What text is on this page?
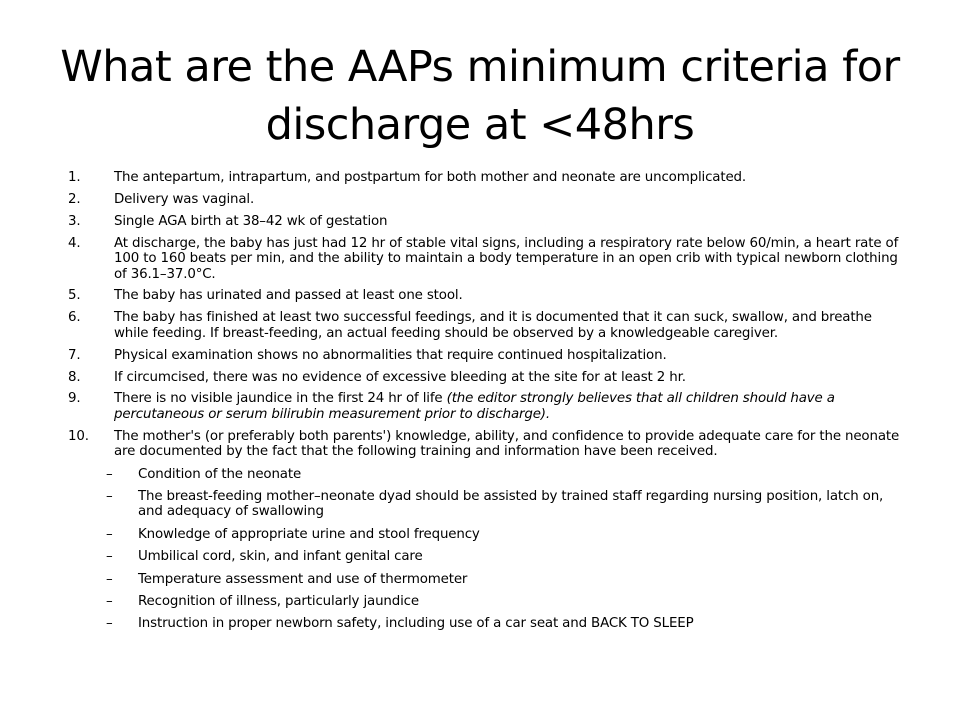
What are the AAPs minimum criteria for discharge at <48hrs
1.	The antepartum, intrapartum, and postpartum for both mother and neonate are uncomplicated.
2.	Delivery was vaginal.
3.	Single AGA birth at 38–42 wk of gestation
4.	At discharge, the baby has just had 12 hr of stable vital signs, including a respiratory rate below 60/min, a heart rate of 100 to 160 beats per min, and the ability to maintain a body temperature in an open crib with typical newborn clothing of 36.1–37.0°C.
5.	The baby has urinated and passed at least one stool.
6.	The baby has finished at least two successful feedings, and it is documented that it can suck, swallow, and breathe while feeding. If breast-feeding, an actual feeding should be observed by a knowledgeable caregiver.
7.	Physical examination shows no abnormalities that require continued hospitalization.
8.	If circumcised, there was no evidence of excessive bleeding at the site for at least 2 hr.
9.	There is no visible jaundice in the first 24 hr of life (the editor strongly believes that all children should have a percutaneous or serum bilirubin measurement prior to discharge).
10. The mother's (or preferably both parents') knowledge, ability, and confidence to provide adequate care for the neonate are documented by the fact that the following training and information have been received.
– Condition of the neonate
– The breast-feeding mother–neonate dyad should be assisted by trained staff regarding nursing position, latch on, and adequacy of swallowing
– Knowledge of appropriate urine and stool frequency
– Umbilical cord, skin, and infant genital care
– Temperature assessment and use of thermometer
– Recognition of illness, particularly jaundice
– Instruction in proper newborn safety, including use of a car seat and BACK TO SLEEP
